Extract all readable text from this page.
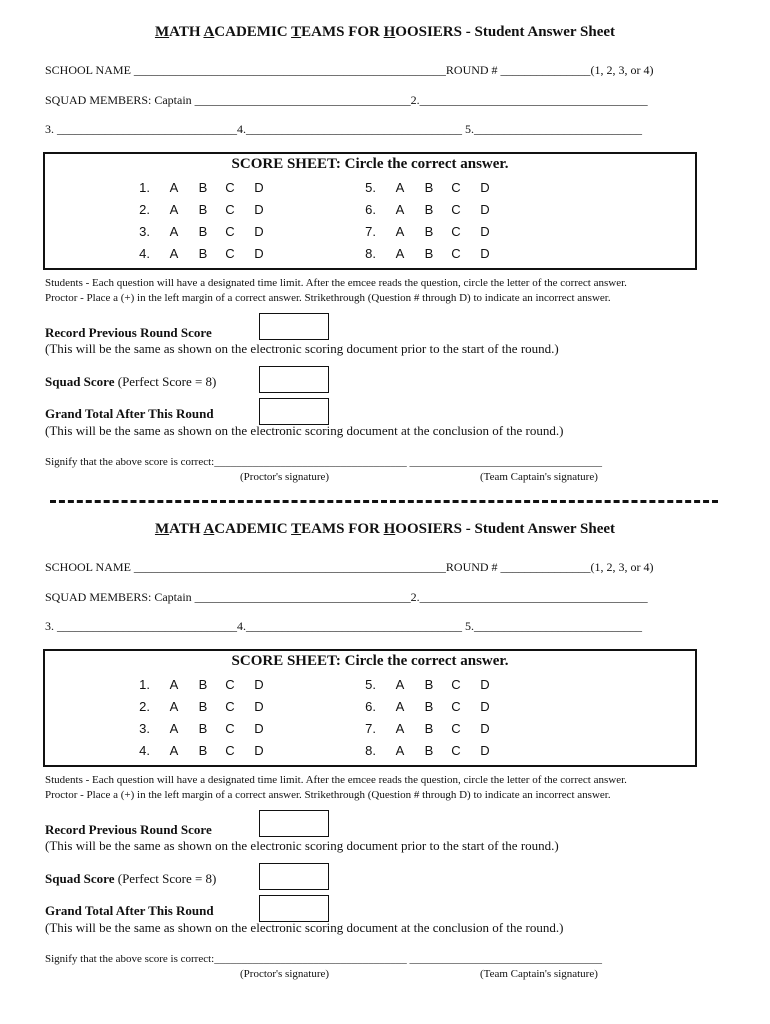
MATH ACADEMIC TEAMS FOR HOOSIERS - Student Answer Sheet
SCHOOL NAME ____________________________________________________ROUND # _______________(1, 2, 3, or 4)
SQUAD MEMBERS: Captain ____________________________________2.______________________________________
3. ______________________________4.____________________________________ 5.____________________________
SCORE SHEET: Circle the correct answer.
1. A B C D
2. A B C D
3. A B C D
4. A B C D
5. A B C D
6. A B C D
7. A B C D
8. A B C D
Students - Each question will have a designated time limit. After the emcee reads the question, circle the letter of the correct answer.
Proctor - Place a (+) in the left margin of a correct answer. Strikethrough (Question # through D) to indicate an incorrect answer.
Record Previous Round Score
(This will be the same as shown on the electronic scoring document prior to the start of the round.)
Squad Score (Perfect Score = 8)
Grand Total After This Round
(This will be the same as shown on the electronic scoring document at the conclusion of the round.)
Signify that the above score is correct:___________________________________ ___________________________________
(Proctor's signature)	(Team Captain's signature)
MATH ACADEMIC TEAMS FOR HOOSIERS - Student Answer Sheet
SCHOOL NAME ____________________________________________________ROUND # _______________(1, 2, 3, or 4)
SQUAD MEMBERS: Captain ____________________________________2.______________________________________
3. ______________________________4.____________________________________ 5.____________________________
SCORE SHEET: Circle the correct answer.
1. A B C D
2. A B C D
3. A B C D
4. A B C D
5. A B C D
6. A B C D
7. A B C D
8. A B C D
Students - Each question will have a designated time limit. After the emcee reads the question, circle the letter of the correct answer.
Proctor - Place a (+) in the left margin of a correct answer. Strikethrough (Question # through D) to indicate an incorrect answer.
Record Previous Round Score
(This will be the same as shown on the electronic scoring document prior to the start of the round.)
Squad Score (Perfect Score = 8)
Grand Total After This Round
(This will be the same as shown on the electronic scoring document at the conclusion of the round.)
Signify that the above score is correct:___________________________________ ___________________________________
(Proctor's signature)	(Team Captain's signature)
